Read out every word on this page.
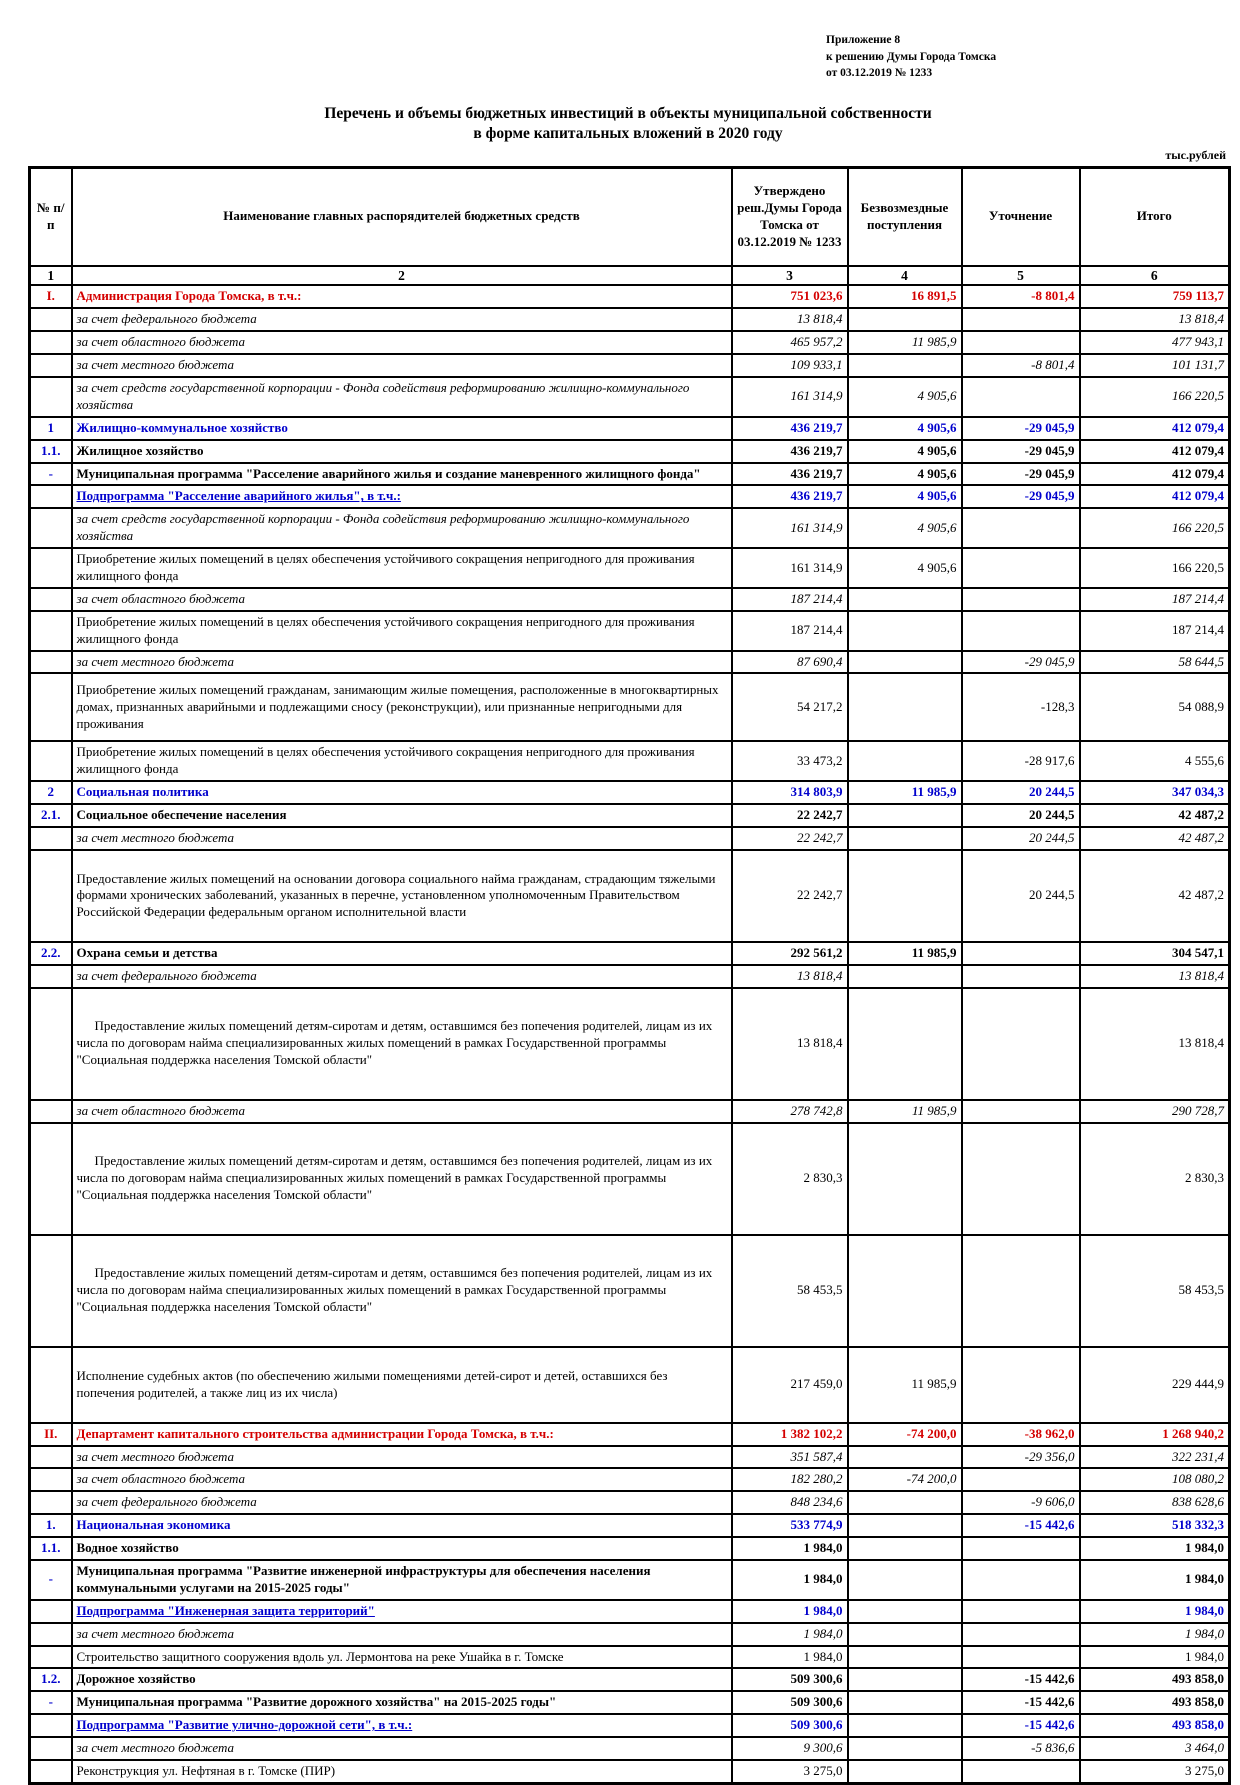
Приложение 8
к решению Думы Города Томска
от 03.12.2019 № 1233
Перечень и объемы бюджетных инвестиций в объекты муниципальной собственности
в форме капитальных вложений в 2020 году
тыс.рублей
№ п/п	Наименование главных распорядителей бюджетных средств	Утверждено реш.Думы Города Томска от 03.12.2019 № 1233	Безвозмездные поступления	Уточнение	Итого
1	2	3	4	5	6
I.	Администрация Города Томска, в т.ч.:	751 023,6	16 891,5	-8 801,4	759 113,7
	за счет федерального бюджета	13 818,4			13 818,4
	за счет областного бюджета	465 957,2	11 985,9		477 943,1
	за счет местного бюджета	109 933,1		-8 801,4	101 131,7
	за счет средств государственной корпорации - Фонда содействия реформированию жилищно-коммунального хозяйства	161 314,9	4 905,6		166 220,5
1	Жилищно-коммунальное хозяйство	436 219,7	4 905,6	-29 045,9	412 079,4
1.1.	Жилищное хозяйство	436 219,7	4 905,6	-29 045,9	412 079,4
-	Муниципальная программа "Расселение аварийного жилья и создание маневренного жилищного фонда"	436 219,7	4 905,6	-29 045,9	412 079,4
	Подпрограмма "Расселение аварийного жилья", в т.ч.:	436 219,7	4 905,6	-29 045,9	412 079,4
	за счет средств государственной корпорации - Фонда содействия реформированию жилищно-коммунального хозяйства	161 314,9	4 905,6		166 220,5
	Приобретение жилых помещений в целях обеспечения устойчивого сокращения непригодного для проживания жилищного фонда	161 314,9	4 905,6		166 220,5
	за счет областного бюджета	187 214,4			187 214,4
	Приобретение жилых помещений в целях обеспечения устойчивого сокращения непригодного для проживания жилищного фонда	187 214,4			187 214,4
	за счет местного бюджета	87 690,4		-29 045,9	58 644,5
	Приобретение жилых помещений гражданам, занимающим жилые помещения, расположенные в многоквартирных домах, признанных аварийными и подлежащими сносу (реконструкции), или признанные непригодными для проживания	54 217,2		-128,3	54 088,9
	Приобретение жилых помещений в целях обеспечения устойчивого сокращения непригодного для проживания жилищного фонда	33 473,2		-28 917,6	4 555,6
2	Социальная политика	314 803,9	11 985,9	20 244,5	347 034,3
2.1.	Социальное обеспечение населения	22 242,7		20 244,5	42 487,2
	за счет местного бюджета	22 242,7		20 244,5	42 487,2
	Предоставление жилых помещений на основании договора социального найма гражданам, страдающим тяжелыми формами хронических заболеваний, указанных в перечне, установленном уполномоченным Правительством Российской Федерации федеральным органом исполнительной власти	22 242,7		20 244,5	42 487,2
2.2.	Охрана семьи и детства	292 561,2	11 985,9		304 547,1
	за счет федерального бюджета	13 818,4			13 818,4
	Предоставление жилых помещений детям-сиротам и детям, оставшимся без попечения родителей, лицам из их числа по договорам найма специализированных жилых помещений в рамках Государственной программы "Социальная поддержка населения Томской области"	13 818,4			13 818,4
	за счет областного бюджета	278 742,8	11 985,9		290 728,7
	Предоставление жилых помещений детям-сиротам и детям, оставшимся без попечения родителей, лицам из их числа по договорам найма специализированных жилых помещений в рамках Государственной программы "Социальная поддержка населения Томской области"	2 830,3			2 830,3
	Предоставление жилых помещений детям-сиротам и детям, оставшимся без попечения родителей, лицам из их числа по договорам найма специализированных жилых помещений в рамках Государственной программы "Социальная поддержка населения Томской области"	58 453,5			58 453,5
	Исполнение судебных актов (по обеспечению жилыми помещениями детей-сирот и детей, оставшихся без попечения родителей, а также лиц из их числа)	217 459,0	11 985,9		229 444,9
II.	Департамент капитального строительства администрации Города Томска, в т.ч.:	1 382 102,2	-74 200,0	-38 962,0	1 268 940,2
	за счет местного бюджета	351 587,4		-29 356,0	322 231,4
	за счет областного бюджета	182 280,2	-74 200,0		108 080,2
	за счет федерального бюджета	848 234,6		-9 606,0	838 628,6
1.	Национальная экономика	533 774,9		-15 442,6	518 332,3
1.1.	Водное хозяйство	1 984,0			1 984,0
-	Муниципальная программа "Развитие инженерной инфраструктуры для обеспечения населения коммунальными услугами на 2015-2025 годы"	1 984,0			1 984,0
	Подпрограмма "Инженерная защита территорий"	1 984,0			1 984,0
	за счет местного бюджета	1 984,0			1 984,0
	Строительство защитного сооружения вдоль ул. Лермонтова на реке Ушайка в г. Томске	1 984,0			1 984,0
1.2.	Дорожное хозяйство	509 300,6		-15 442,6	493 858,0
-	Муниципальная программа "Развитие дорожного хозяйства" на 2015-2025 годы"	509 300,6		-15 442,6	493 858,0
	Подпрограмма "Развитие улично-дорожной сети", в т.ч.:	509 300,6		-15 442,6	493 858,0
	за счет местного бюджета	9 300,6		-5 836,6	3 464,0
	Реконструкция ул. Нефтяная в г. Томске (ПИР)	3 275,0			3 275,0
